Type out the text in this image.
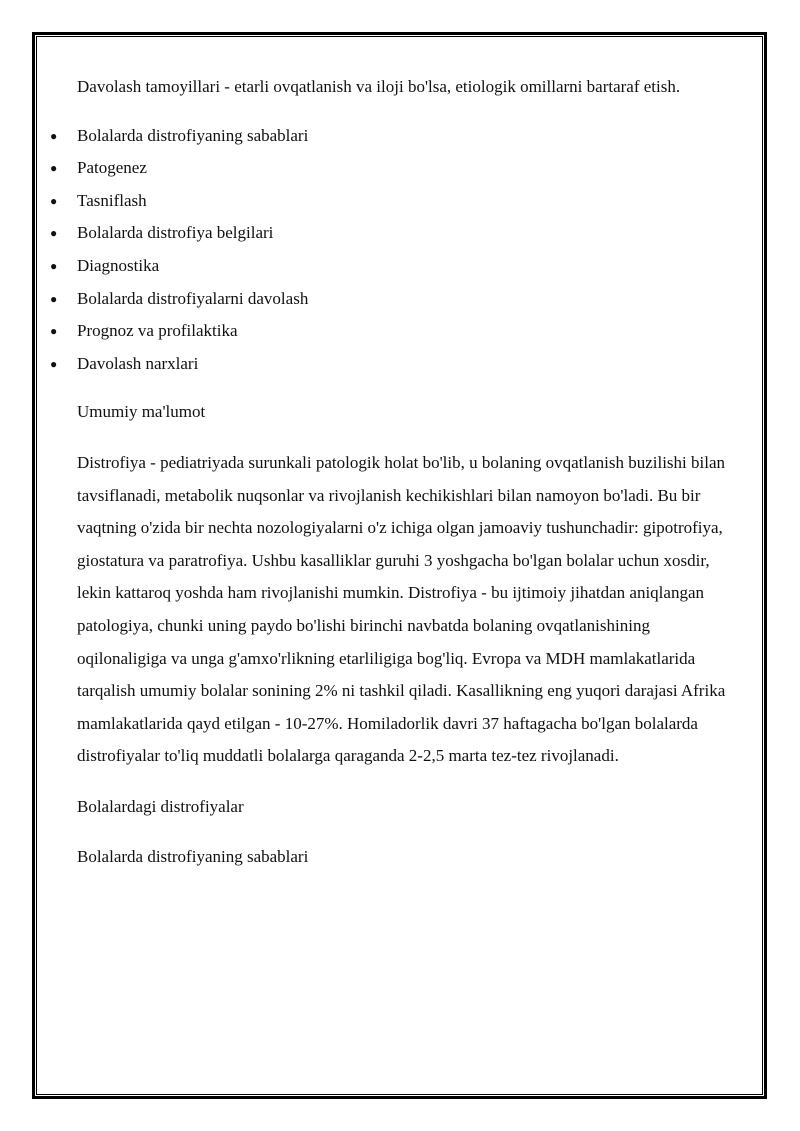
Davolash tamoyillari - etarli ovqatlanish va iloji bo'lsa, etiologik omillarni bartaraf etish.

● Bolalarda distrofiyaning sabablari
● Patogenez
● Tasniflash
● Bolalarda distrofiya belgilari
● Diagnostika
● Bolalarda distrofiyalarni davolash
● Prognoz va profilaktika
● Davolash narxlari

Umumiy ma'lumot

Distrofiya - pediatriyada surunkali patologik holat bo'lib, u bolaning ovqatlanish buzilishi bilan tavsiflanadi, metabolik nuqsonlar va rivojlanish kechikishlari bilan namoyon bo'ladi. Bu bir vaqtning o'zida bir nechta nozologiyalarni o'z ichiga olgan jamoaviy tushunchadir: gipotrofiya, giostatura va paratrofiya. Ushbu kasalliklar guruhi 3 yoshgacha bo'lgan bolalar uchun xosdir, lekin kattaroq yoshda ham rivojlanishi mumkin. Distrofiya - bu ijtimoiy jihatdan aniqlangan patologiya, chunki uning paydo bo'lishi birinchi navbatda bolaning ovqatlanishining oqilonaligiga va unga g'amxo'rlikning etarliligiga bog'liq. Evropa va MDH mamlakatlarida tarqalish umumiy bolalar sonining 2% ni tashkil qiladi. Kasallikning eng yuqori darajasi Afrika mamlakatlarida qayd etilgan - 10-27%. Homiladorlik davri 37 haftagacha bo'lgan bolalarda distrofiyalar to'liq muddatli bolalarga qaraganda 2-2,5 marta tez-tez rivojlanadi.

Bolalardagi distrofiyalar

Bolalarda distrofiyaning sabablari
